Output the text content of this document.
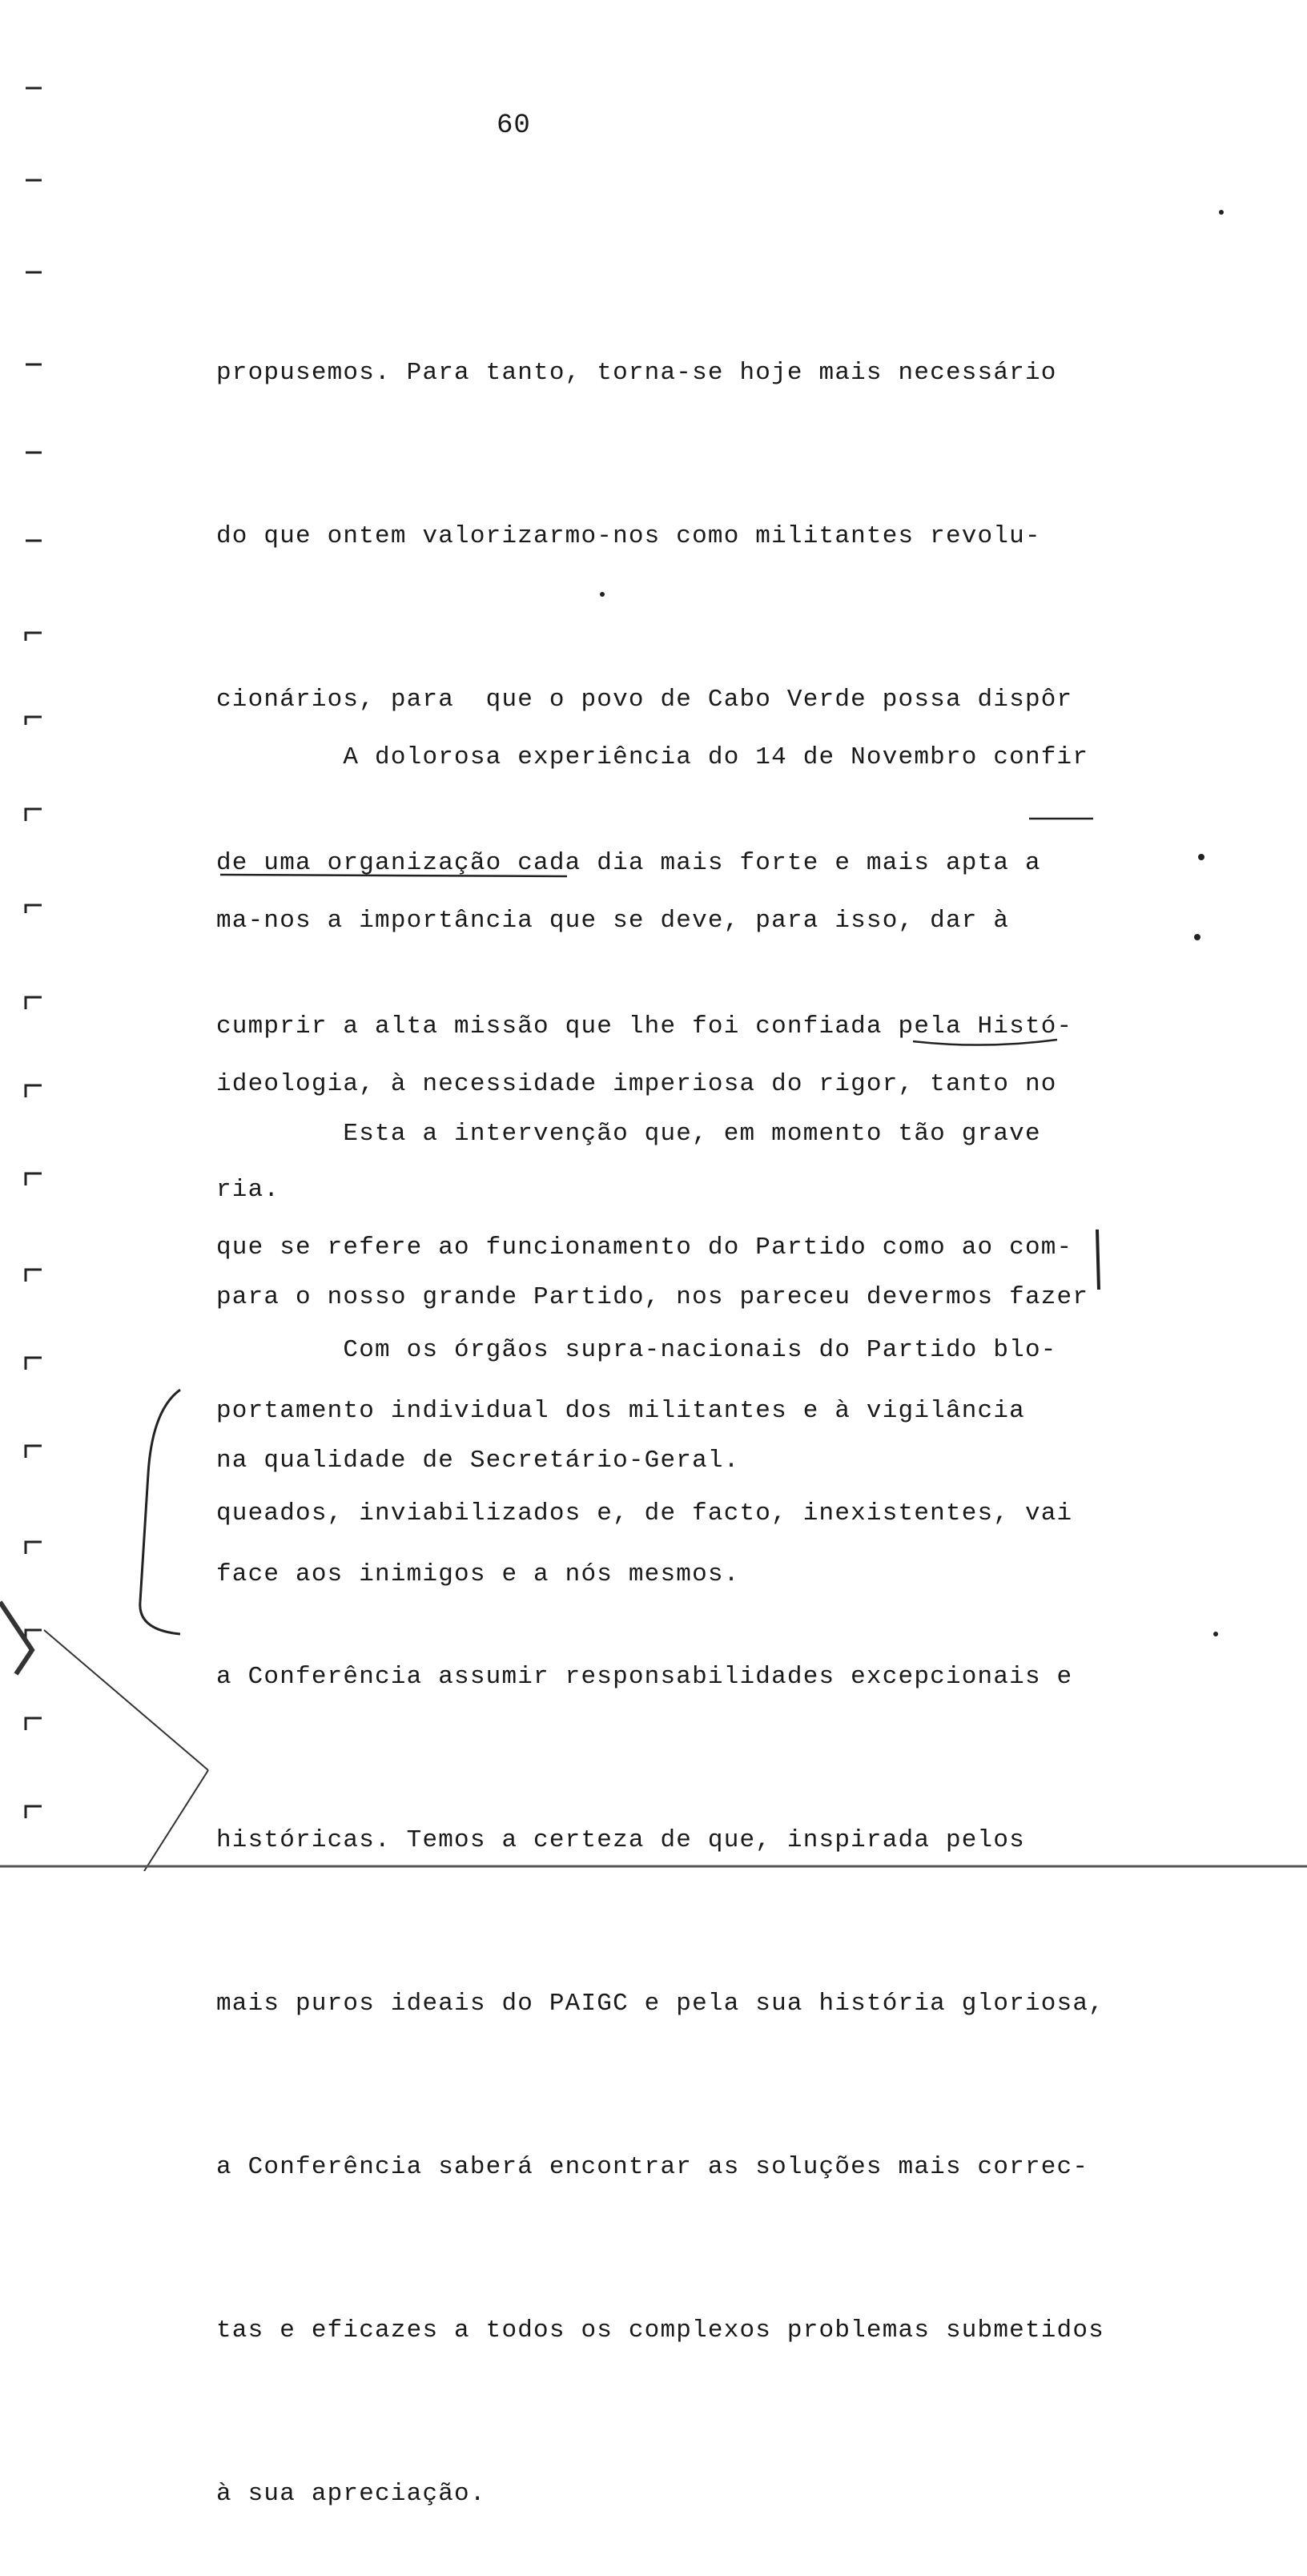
60

propusemos. Para tanto, torna-se hoje mais necessário

do que ontem valorizarmo-nos como militantes revolu-

cionários, para  que o povo de Cabo Verde possa dispôr

de uma organização cada dia mais forte e mais apta a

cumprir a alta missão que lhe foi confiada pela Histó-

ria.

A dolorosa experiência do 14 de Novembro confir

ma-nos a importância que se deve, para isso, dar à

ideologia, à necessidade imperiosa do rigor, tanto no

que se refere ao funcionamento do Partido como ao com-

portamento individual dos militantes e à vigilância

face aos inimigos e a nós mesmos.

Esta a intervenção que, em momento tão grave

para o nosso grande Partido, nos pareceu devermos fazer

na qualidade de Secretário-Geral.

Com os órgãos supra-nacionais do Partido blo-

queados, inviabilizados e, de facto, inexistentes, vai

a Conferência assumir responsabilidades excepcionais e

históricas. Temos a certeza de que, inspirada pelos

mais puros ideais do PAIGC e pela sua história gloriosa,

a Conferência saberá encontrar as soluções mais correc-

tas e eficazes a todos os complexos problemas submetidos

à sua apreciação.
